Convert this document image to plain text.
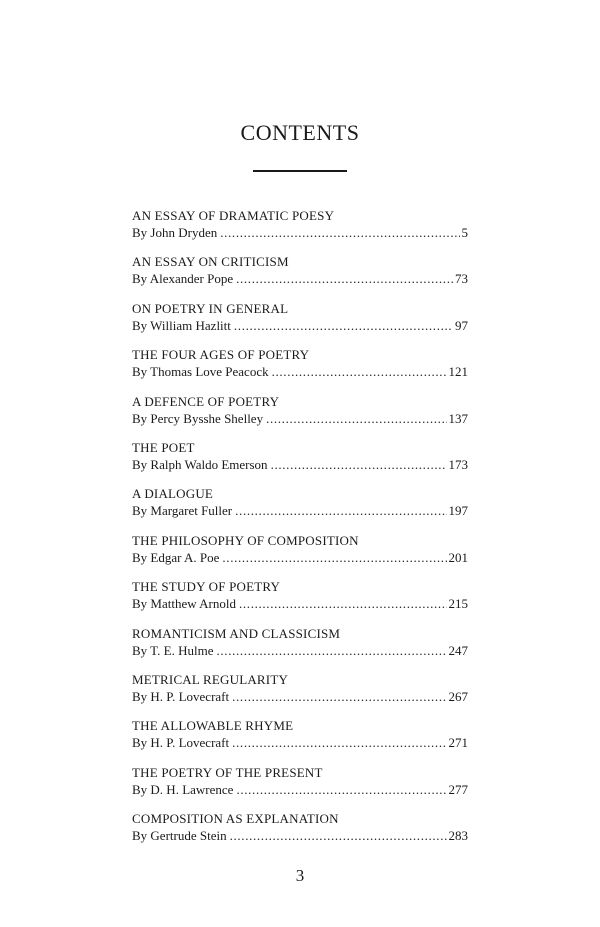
CONTENTS
AN ESSAY OF DRAMATIC POESY
By John Dryden . . .	5
AN ESSAY ON CRITICISM
By Alexander Pope . . .	73
ON POETRY IN GENERAL
By William Hazlitt . . .	97
THE FOUR AGES OF POETRY
By Thomas Love Peacock . . .	121
A DEFENCE OF POETRY
By Percy Bysshe Shelley . . .	137
THE POET
By Ralph Waldo Emerson . . .	173
A DIALOGUE
By Margaret Fuller . . .	197
THE PHILOSOPHY OF COMPOSITION
By Edgar A. Poe . . .	201
THE STUDY OF POETRY
By Matthew Arnold . . .	215
ROMANTICISM AND CLASSICISM
By T. E. Hulme . . .	247
METRICAL REGULARITY
By H. P. Lovecraft . . .	267
THE ALLOWABLE RHYME
By H. P. Lovecraft . . .	271
THE POETRY OF THE PRESENT
By D. H. Lawrence . . .	277
COMPOSITION AS EXPLANATION
By Gertrude Stein . . .	283
3
